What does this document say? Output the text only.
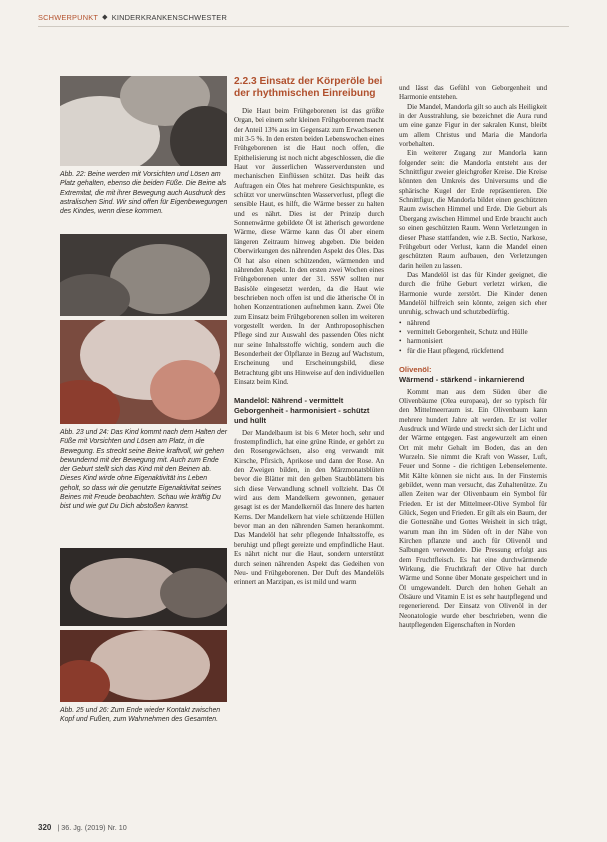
SCHWERPUNKT ◆ KINDERKRANKENSCHWESTER
Abb. 22: Beine werden mit Vorsichten und Lösen am Platz gehalten, ebenso die beiden Füße. Die Beine als Extremitat, die mit ihrer Bewegung auch Ausdruck des astralischen Sind. Wir sind offen für Eigenbewegungen des Kindes, wenn diese kommen.
Abb. 23 und 24: Das Kind kommt nach dem Halten der Füße mit Vorsichten und Lösen am Platz, in die Bewegung. Es streckt seine Beine kraftvoll, wir gehen bewundernd mit der Bewegung mit. Auch zum Ende der Geburt stellt sich das Kind mit den Beinen ab. Dieses Kind wirde ohne Eigenaktivität ins Leben geholt, so dass wir die genutzte Eigenaktivitat seines Beines mit Freude beobachten. Schau wie kräftig Du bist und wie gut Du Dich abstoßen kannst.
Abb. 25 und 26: Zum Ende wieder Kontakt zwischen Kopf und Fußen, zum Wahrnehmen des Gesamten.
2.2.3 Einsatz der Körperöle bei der rhythmischen Einreibung

Die Haut beim Frühgeborenen ist das größte Organ, bei einem sehr kleinen Frühgeborenen macht der Anteil 13% aus im Gegensatz zum Erwachsenen mit 3-5 %. In den ersten beiden Lebenswochen eines Frühgeborenen ist die Haut noch offen, die Epithelisierung ist noch nicht abgeschlossen, die die Haut vor äusserlichen Wasserverdunsten und mechanischen Einflüssen schützt. Das heißt das Auftragen ein Öles hat mehrere Gesichtspunkte, es schützt vor unerwünschten Wasserverlust, pflegt die sensible Haut, es hilft, die Wärme besser zu halten und es nährt. Dies ist der Prinzip durch Sonnenwärme gebildete Öl ist ätherisch gewordene Wärme, diese Wärme kann das Öl aber einem längeren Zeitraum hinweg abgeben. Die beiden Oberwirkungen des nährenden Aspekt des Öles. Das Öl hat also einen schützenden, wärmenden und nährenden Aspekt. In den ersten zwei Wochen eines Frühgeborenen unter der 31. SSW sollten nur Basisöle eingesetzt werden, da die Haut wie beschrieben noch offen ist und die ätherische Öl in hohen Konzentrationen aufnehmen kann. Zwei Öle zum Einsatz beim Frühgeborenen sollen im weiteren vorgestellt werden. In der Anthroposophischen Pflege sind zur Auswahl des passenden Öles nicht nur seine Inhaltsstoffe wichtig, sondern auch die Besonderheit der Ölpflanze in Bezug auf Wachstum, Erscheinung und Erscheinungsbild, diese Betrachtung gibt uns Hinweise auf den individuellen Einsatz beim Kind.

Mandelöl: Nährend - vermittelt
Geborgenheit - harmonisiert - schützt und hüllt

Der Mandelbaum ist bis 6 Meter hoch, sehr und frostempfindlich, hat eine grüne Rinde, er gehört zu den Rosengewächsen, also eng verwandt mit Kirsche, Pfirsich, Aprikose und dann der Rose. An den Zweigen bilden, in den Märzmonatsblüten bevor die Blätter mit den gelben Staubblättern bis sich diese Verwandlung schnell vollzieht. Das Öl wird aus dem Mandelkern gewonnen, genauer gesagt ist es der Mandelkernöl das Innere des harten Kerns. Der Mandelkern hat viele schützende Hüllen bevor man an den nährenden Samen herankommt. Das Mandelöl hat sehr pflegende Inhaltsstoffe, es beruhigt und pflegt gereizte und empfindliche Haut. Es nährt nicht nur die Haut, sondern unterstützt durch seinen nährenden Aspekt das Gedeihen von Neu- und Frühgeborenen. Der Duft des Mandelöls erinnert an Marzipan, es ist mild und warm

und lässt das Gefühl von Geborgenheit und Harmonie entstehen.

Die Mandel, Mandorla gilt so auch als Heiligkeit in der Ausstrahlung, sie bezeichnet die Aura rund um eine ganze Figur in der sakralen Kunst, bleibt um allem Christus und Maria die Mandorla vorbehalten.

Ein weiterer Zugang zur Mandorla kann folgender sein: die Mandorla entsteht aus der Schnittfigur zweier gleichgroßer Kreise. Die Kreise könnten den Umkreis des Universums und die sphärische Kugel der Erde repräsentieren. Die Schnittfigur, die Mandorla bildet einen geschützten Raum zwischen Himmel und Erde. Die Geburt als Übergang zwischen Himmel und Erde braucht auch so einen geschützten Raum. Wenn Verletzungen in dieser Phase stattfanden, wie z.B. Sectio, Narkose, Frühgeburt oder Verlust, kann die Mandel einen geschützten Raum aufbauen, den Verletzungen darin heilen zu lassen.

Das Mandelöl ist das für Kinder geeignet, die durch die frühe Geburt verletzt wirken, die Harmonie wurde zerstört. Die Kinder denen Mandelöl hilfreich sein könnte, zeigen sich eher unruhig, schwach und schutzbedürftig.

• nährend
• vermittelt Geborgenheit, Schutz und Hülle
• harmonisiert
• für die Haut pflegend, rückfettend
Olivenöl:
Wärmend - stärkend - inkarnierend

Kommt man aus dem Süden über die Olivenbäume (Olea europaea), der so typisch für den Mittelmeerraum ist. Ein Olivenbaum kann mehrere hundert Jahre alt werden. Er ist voller Ausdruck und Würde und streckt sich der Licht und der Wärme entgegen. Fast angewurzelt am einen Ort mit mehr Gehalt im Boden, das an den Wurzeln. Sie nimmt die Kraft von Wasser, Luft, Feuer und Sonne - die richtigen Lebenselemente. Mit Kälte können sie nicht aus. In der Finsternis gebildet, wenn man versucht, das Zuhaltenütze. Zu allen Zeiten war der Olivenbaum ein Symbol für Frieden. Er ist der Mittelmeer-Olive Symbol für Glück, Segen und Frieden. Er gilt als ein Baum, der die Gottesnähe und Gottes Weisheit in sich trägt, warum man ihn im Süden oft in der Nähe von Kirchen pflanzte und auch für Olivenöl und Salbungen verwendete. Die Pressung erfolgt aus dem Fruchtfleisch. Es hat eine durchwärmende Wirkung, die Fruchtkraft der Olive hat durch Wärme und Sonne über Monate gespeichert und in Öl umgewandelt. Durch den hohen Gehalt an Ölsäure und Vitamin E ist es sehr hautpflegend und regenerierend. Der Einsatz von Olivenöl in der Neonatologie wurde eher beschrieben, wenn die hautpflegenden Eigenschaften in Norden

320 | 36. Jg. (2019) Nr. 10
